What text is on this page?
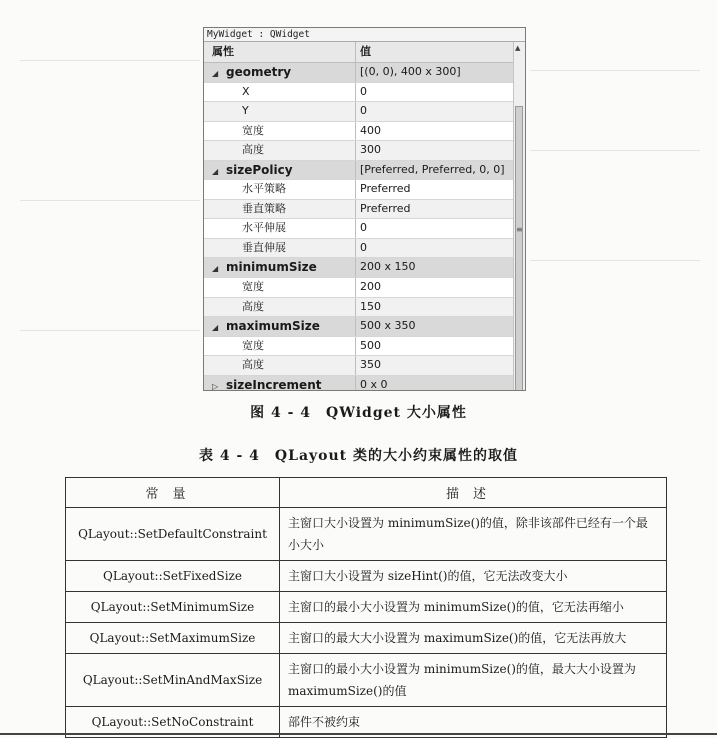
MyWidget : QWidget
属性	值
◢ geometry	[(0, 0), 400 x 300]
X	0
Y	0
宽度	400
高度	300
◢ sizePolicy	[Preferred, Preferred, 0, 0]
水平策略	Preferred
垂直策略	Preferred
水平伸展	0
垂直伸展	0
◢ minimumSize	200 x 150
宽度	200
高度	150
◢ maximumSize	500 x 350
宽度	500
高度	350
▷ sizeIncrement	0 x 0
▲
≡
图 4 - 4　QWidget 大小属性
表 4 - 4　QLayout 类的大小约束属性的取值
常量	描述
QLayout::SetDefaultConstraint	主窗口大小设置为 minimumSize()的值，除非该部件已经有一个最小大小
QLayout::SetFixedSize	主窗口大小设置为 sizeHint()的值，它无法改变大小
QLayout::SetMinimumSize	主窗口的最小大小设置为 minimumSize()的值，它无法再缩小
QLayout::SetMaximumSize	主窗口的最大大小设置为 maximumSize()的值，它无法再放大
QLayout::SetMinAndMaxSize	主窗口的最小大小设置为 minimumSize()的值，最大大小设置为 maximumSize()的值
QLayout::SetNoConstraint	部件不被约束
